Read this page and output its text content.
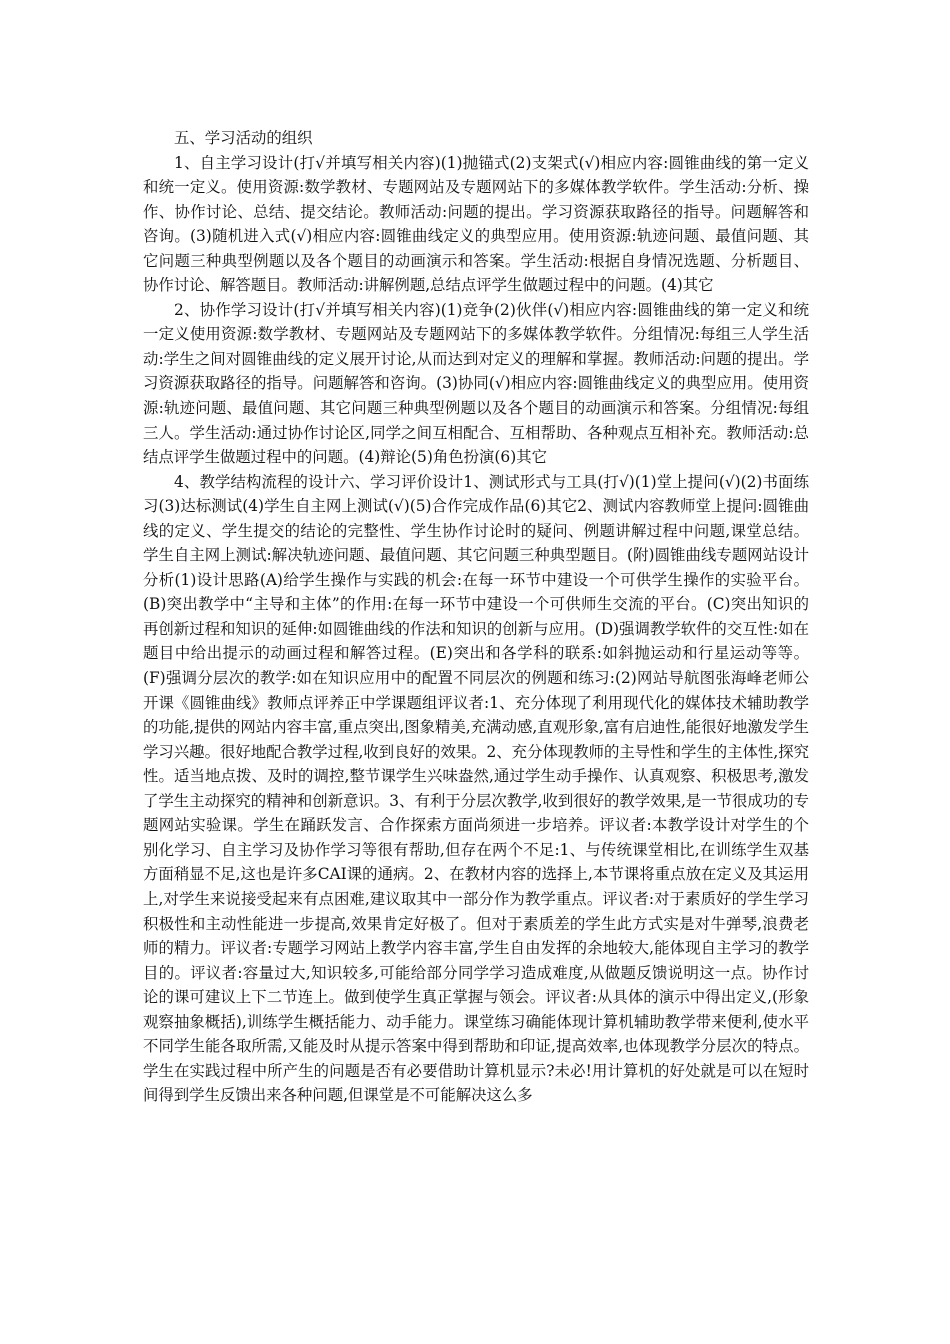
五、学习活动的组织

1、自主学习设计(打√并填写相关内容)(1)抛锚式(2)支架式(√)相应内容:圆锥曲线的第一定义和统一定义。使用资源:数学教材、专题网站及专题网站下的多媒体教学软件。学生活动:分析、操作、协作讨论、总结、提交结论。教师活动:问题的提出。学习资源获取路径的指导。问题解答和咨询。(3)随机进入式(√)相应内容:圆锥曲线定义的典型应用。使用资源:轨迹问题、最值问题、其它问题三种典型例题以及各个题目的动画演示和答案。学生活动:根据自身情况选题、分析题目、协作讨论、解答题目。教师活动:讲解例题,总结点评学生做题过程中的问题。(4)其它

2、协作学习设计(打√并填写相关内容)(1)竞争(2)伙伴(√)相应内容:圆锥曲线的第一定义和统一定义使用资源:数学教材、专题网站及专题网站下的多媒体教学软件。分组情况:每组三人学生活动:学生之间对圆锥曲线的定义展开讨论,从而达到对定义的理解和掌握。教师活动:问题的提出。学习资源获取路径的指导。问题解答和咨询。(3)协同(√)相应内容:圆锥曲线定义的典型应用。使用资源:轨迹问题、最值问题、其它问题三种典型例题以及各个题目的动画演示和答案。分组情况:每组三人。学生活动:通过协作讨论区,同学之间互相配合、互相帮助、各种观点互相补充。教师活动:总结点评学生做题过程中的问题。(4)辩论(5)角色扮演(6)其它

4、教学结构流程的设计六、学习评价设计1、测试形式与工具(打√)(1)堂上提问(√)(2)书面练习(3)达标测试(4)学生自主网上测试(√)(5)合作完成作品(6)其它2、测试内容教师堂上提问:圆锥曲线的定义、学生提交的结论的完整性、学生协作讨论时的疑问、例题讲解过程中问题,课堂总结。学生自主网上测试:解决轨迹问题、最值问题、其它问题三种典型题目。(附)圆锥曲线专题网站设计分析(1)设计思路(A)给学生操作与实践的机会:在每一环节中建设一个可供学生操作的实验平台。(B)突出教学中“主导和主体”的作用:在每一环节中建设一个可供师生交流的平台。(C)突出知识的再创新过程和知识的延伸:如圆锥曲线的作法和知识的创新与应用。(D)强调教学软件的交互性:如在题目中给出提示的动画过程和解答过程。(E)突出和各学科的联系:如斜抛运动和行星运动等等。(F)强调分层次的教学:如在知识应用中的配置不同层次的例题和练习:(2)网站导航图张海峰老师公开课《圆锥曲线》教师点评养正中学课题组评议者:1、充分体现了利用现代化的媒体技术辅助教学的功能,提供的网站内容丰富,重点突出,图象精美,充满动感,直观形象,富有启迪性,能很好地激发学生学习兴趣。很好地配合教学过程,收到良好的效果。2、充分体现教师的主导性和学生的主体性,探究性。适当地点拨、及时的调控,整节课学生兴味盎然,通过学生动手操作、认真观察、积极思考,激发了学生主动探究的精神和创新意识。3、有利于分层次教学,收到很好的教学效果,是一节很成功的专题网站实验课。学生在踊跃发言、合作探索方面尚须进一步培养。评议者:本教学设计对学生的个别化学习、自主学习及协作学习等很有帮助,但存在两个不足:1、与传统课堂相比,在训练学生双基方面稍显不足,这也是许多CAI课的通病。2、在教材内容的选择上,本节课将重点放在定义及其运用上,对学生来说接受起来有点困难,建议取其中一部分作为教学重点。评议者:对于素质好的学生学习积极性和主动性能进一步提高,效果肯定好极了。但对于素质差的学生此方式实是对牛弹琴,浪费老师的精力。评议者:专题学习网站上教学内容丰富,学生自由发挥的余地较大,能体现自主学习的教学目的。评议者:容量过大,知识较多,可能给部分同学学习造成难度,从做题反馈说明这一点。协作讨论的课可建议上下二节连上。做到使学生真正掌握与领会。评议者:从具体的演示中得出定义,(形象观察抽象概括),训练学生概括能力、动手能力。课堂练习确能体现计算机辅助教学带来便利,使水平不同学生能各取所需,又能及时从提示答案中得到帮助和印证,提高效率,也体现教学分层次的特点。学生在实践过程中所产生的问题是否有必要借助计算机显示?未必!用计算机的好处就是可以在短时间得到学生反馈出来各种问题,但课堂是不可能解决这么多
